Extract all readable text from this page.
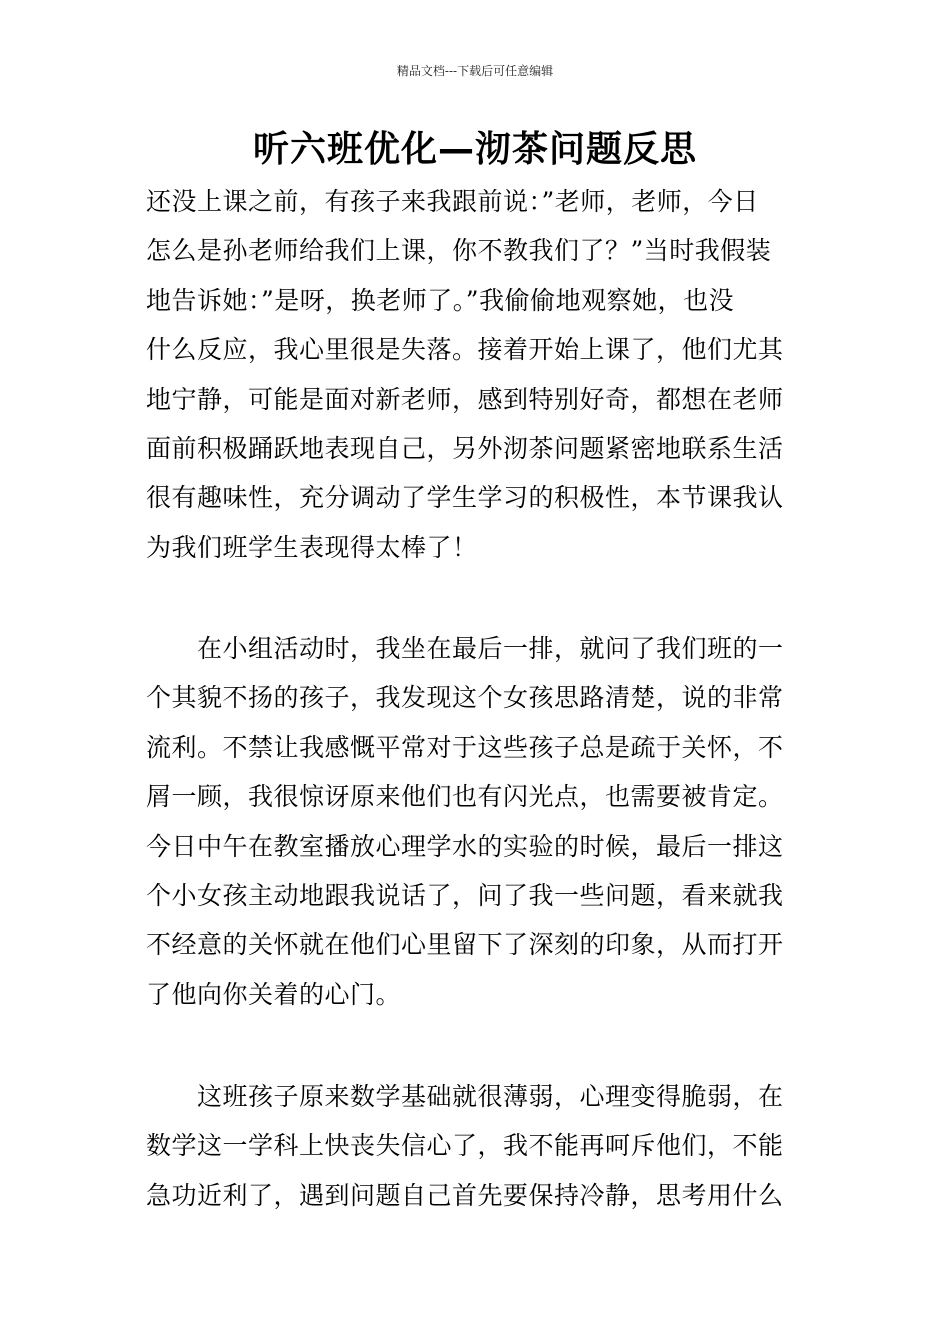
精品文档---下载后可任意编辑
听六班优化—沏茶问题反思
还没上课之前，有孩子来我跟前说：”老师，老师，今日
怎么是孙老师给我们上课，你不教我们了？”当时我假装
地告诉她：”是呀，换老师了。”我偷偷地观察她，也没
什么反应，我心里很是失落。接着开始上课了，他们尤其
地宁静，可能是面对新老师，感到特别好奇，都想在老师
面前积极踊跃地表现自己，另外沏茶问题紧密地联系生活
很有趣味性，充分调动了学生学习的积极性，本节课我认
为我们班学生表现得太棒了！
　　在小组活动时，我坐在最后一排，就问了我们班的一
个其貌不扬的孩子，我发现这个女孩思路清楚，说的非常
流利。不禁让我感慨平常对于这些孩子总是疏于关怀，不
屑一顾，我很惊讶原来他们也有闪光点，也需要被肯定。
今日中午在教室播放心理学水的实验的时候，最后一排这
个小女孩主动地跟我说话了，问了我一些问题，看来就我
不经意的关怀就在他们心里留下了深刻的印象，从而打开
了他向你关着的心门。
　　这班孩子原来数学基础就很薄弱，心理变得脆弱，在
数学这一学科上快丧失信心了，我不能再呵斥他们，不能
急功近利了，遇到问题自己首先要保持冷静，思考用什么
